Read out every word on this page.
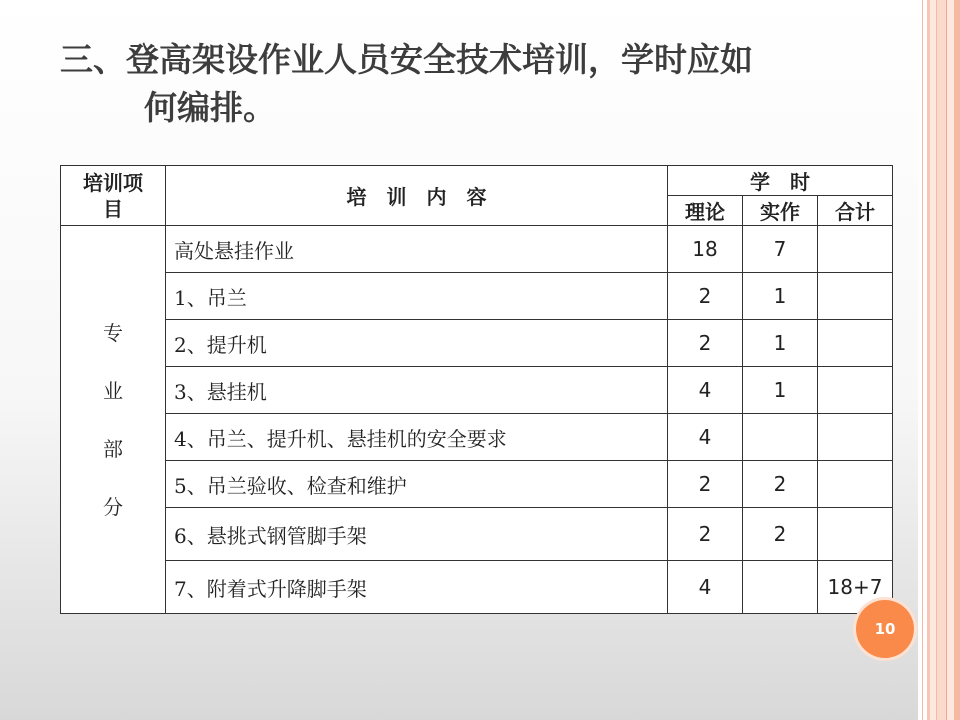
三、登高架设作业人员安全技术培训，学时应如
何编排。
培训项目	培　训　内　容	学　时		
		理论	实作	合计

专
业
部
分	高处悬挂作业	18	7	
	1、吊兰	2	1	
	2、提升机	2	1	
	3、悬挂机	4	1	
	4、吊兰、提升机、悬挂机的安全要求	4		
	5、吊兰验收、检查和维护	2	2	
	6、悬挑式钢管脚手架	2	2	
	7、附着式升降脚手架	4		18+7
10
